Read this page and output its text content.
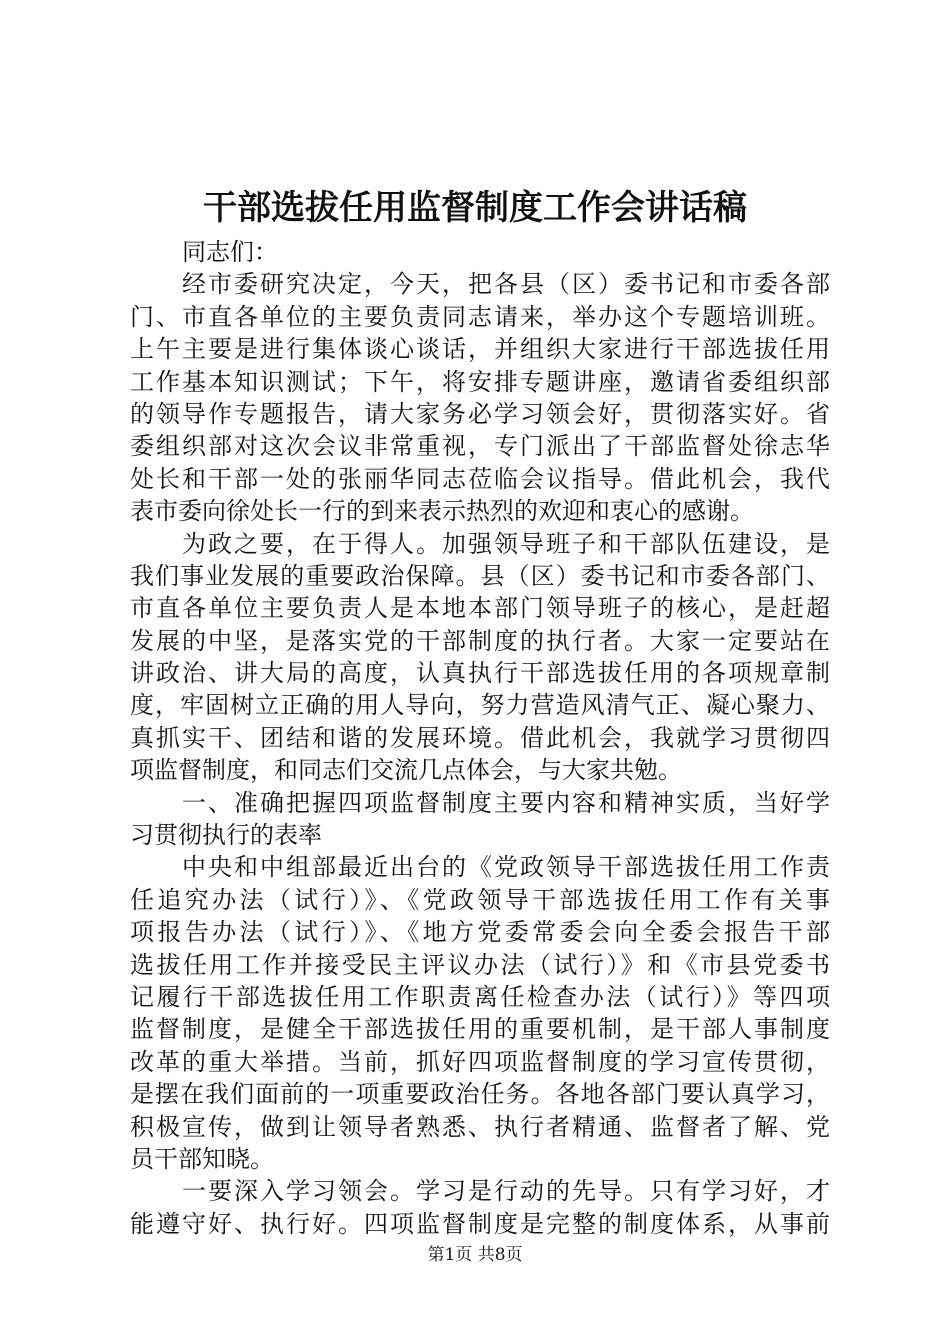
干部选拔任用监督制度工作会讲话稿
同志们：
经市委研究决定，今天，把各县（区）委书记和市委各部
门、市直各单位的主要负责同志请来，举办这个专题培训班。
上午主要是进行集体谈心谈话，并组织大家进行干部选拔任用
工作基本知识测试；下午，将安排专题讲座，邀请省委组织部
的领导作专题报告，请大家务必学习领会好，贯彻落实好。省
委组织部对这次会议非常重视，专门派出了干部监督处徐志华
处长和干部一处的张丽华同志莅临会议指导。借此机会，我代
表市委向徐处长一行的到来表示热烈的欢迎和衷心的感谢。
为政之要，在于得人。加强领导班子和干部队伍建设，是
我们事业发展的重要政治保障。县（区）委书记和市委各部门、
市直各单位主要负责人是本地本部门领导班子的核心，是赶超
发展的中坚，是落实党的干部制度的执行者。大家一定要站在
讲政治、讲大局的高度，认真执行干部选拔任用的各项规章制
度，牢固树立正确的用人导向，努力营造风清气正、凝心聚力、
真抓实干、团结和谐的发展环境。借此机会，我就学习贯彻四
项监督制度，和同志们交流几点体会，与大家共勉。
一、准确把握四项监督制度主要内容和精神实质，当好学
习贯彻执行的表率
中央和中组部最近出台的《党政领导干部选拔任用工作责
任追究办法（试行）》、《党政领导干部选拔任用工作有关事
项报告办法（试行）》、《地方党委常委会向全委会报告干部
选拔任用工作并接受民主评议办法（试行）》和《市县党委书
记履行干部选拔任用工作职责离任检查办法（试行）》等四项
监督制度，是健全干部选拔任用的重要机制，是干部人事制度
改革的重大举措。当前，抓好四项监督制度的学习宣传贯彻，
是摆在我们面前的一项重要政治任务。各地各部门要认真学习，
积极宣传，做到让领导者熟悉、执行者精通、监督者了解、党
员干部知晓。
一要深入学习领会。学习是行动的先导。只有学习好，才
能遵守好、执行好。四项监督制度是完整的制度体系，从事前
第1页 共8页
